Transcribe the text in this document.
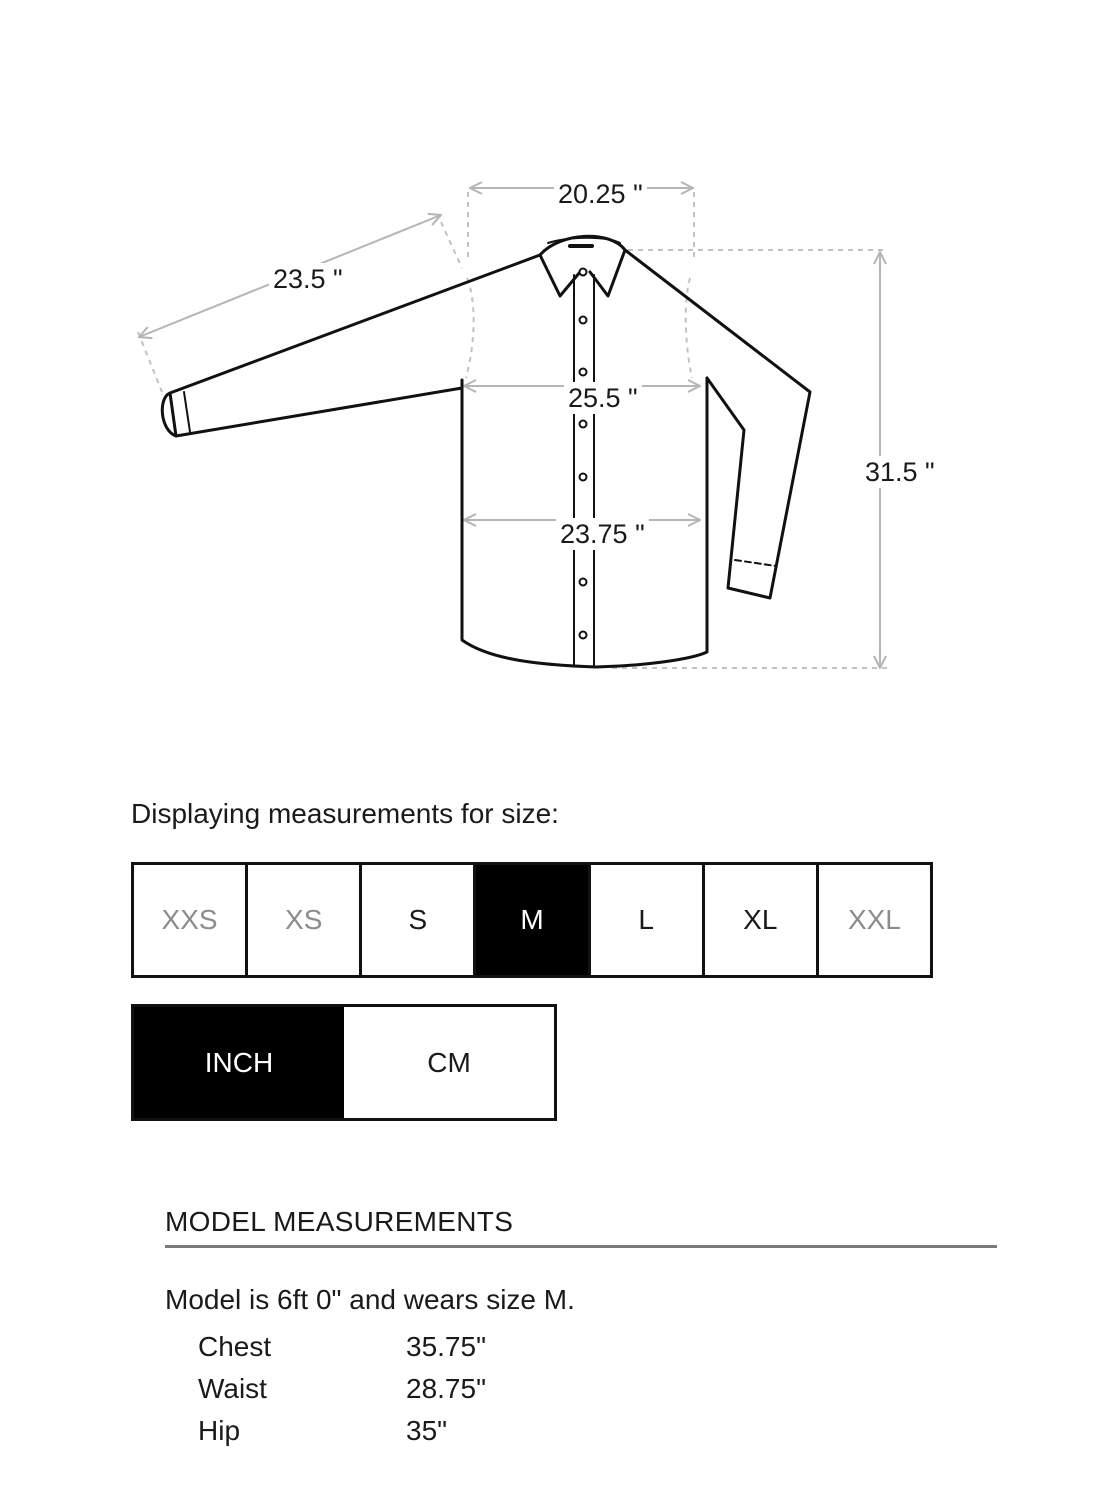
20.25 "
23.5 "
25.5 "
23.75 "
31.5 "
Displaying measurements for size:
XXS	XS	S	M	L	XL	XXL
INCH	CM
MODEL MEASUREMENTS
Model is 6ft 0" and wears size M.
Chest	35.75"
Waist	28.75"
Hip	35"
